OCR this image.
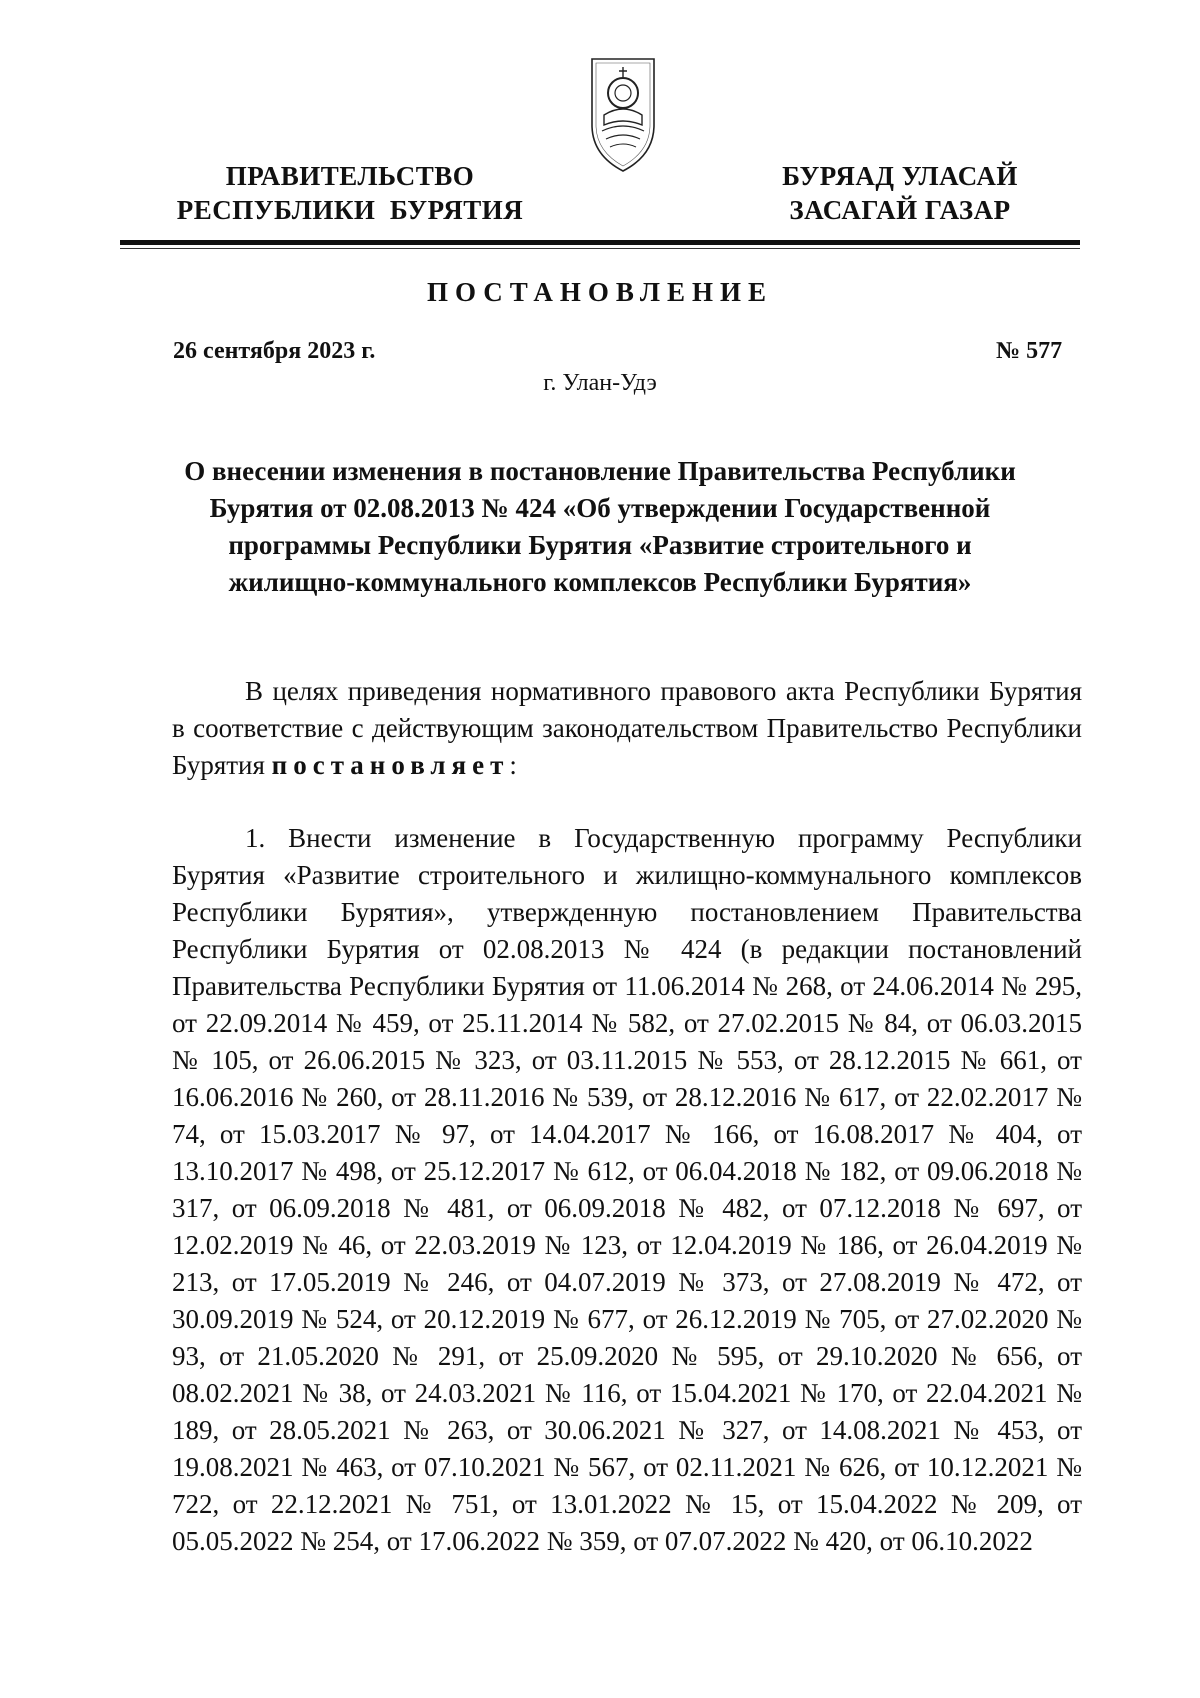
ПРАВИТЕЛЬСТВО
РЕСПУБЛИКИ  БУРЯТИЯ
БУРЯАД УЛАСАЙ
ЗАСАГАЙ ГАЗАР
ПОСТАНОВЛЕНИЕ
26 сентября 2023 г.	№ 577
г. Улан-Удэ
О внесении изменения в постановление Правительства Республики Бурятия от 02.08.2013 № 424 «Об утверждении Государственной программы Республики Бурятия «Развитие строительного и жилищно-коммунального комплексов Республики Бурятия»
В целях приведения нормативного правового акта Республики Бурятия в соответствие с действующим законодательством Правительство Республики Бурятия постановляет:
1. Внести изменение в Государственную программу Республики Бурятия «Развитие строительного и жилищно-коммунального комплексов Республики Бурятия», утвержденную постановлением Правительства Республики Бурятия от 02.08.2013 № 424 (в редакции постановлений Правительства Республики Бурятия от 11.06.2014 № 268, от 24.06.2014 № 295, от 22.09.2014 № 459, от 25.11.2014 № 582, от 27.02.2015 № 84, от 06.03.2015 № 105, от 26.06.2015 № 323, от 03.11.2015 № 553, от 28.12.2015 № 661, от 16.06.2016 № 260, от 28.11.2016 № 539, от 28.12.2016 № 617, от 22.02.2017 № 74, от 15.03.2017 № 97, от 14.04.2017 № 166, от 16.08.2017 № 404, от 13.10.2017 № 498, от 25.12.2017 № 612, от 06.04.2018 № 182, от 09.06.2018 № 317, от 06.09.2018 № 481, от 06.09.2018 № 482, от 07.12.2018 № 697, от 12.02.2019 № 46, от 22.03.2019 № 123, от 12.04.2019 № 186, от 26.04.2019 № 213, от 17.05.2019 № 246, от 04.07.2019 № 373, от 27.08.2019 № 472, от 30.09.2019 № 524, от 20.12.2019 № 677, от 26.12.2019 № 705, от 27.02.2020 № 93, от 21.05.2020 № 291, от 25.09.2020 № 595, от 29.10.2020 № 656, от 08.02.2021 № 38, от 24.03.2021 № 116, от 15.04.2021 № 170, от 22.04.2021 № 189, от 28.05.2021 № 263, от 30.06.2021 № 327, от 14.08.2021 № 453, от 19.08.2021 № 463, от 07.10.2021 № 567, от 02.11.2021 № 626, от 10.12.2021 № 722, от 22.12.2021 № 751, от 13.01.2022 № 15, от 15.04.2022 № 209, от 05.05.2022 № 254, от 17.06.2022 № 359, от 07.07.2022 № 420, от 06.10.2022
